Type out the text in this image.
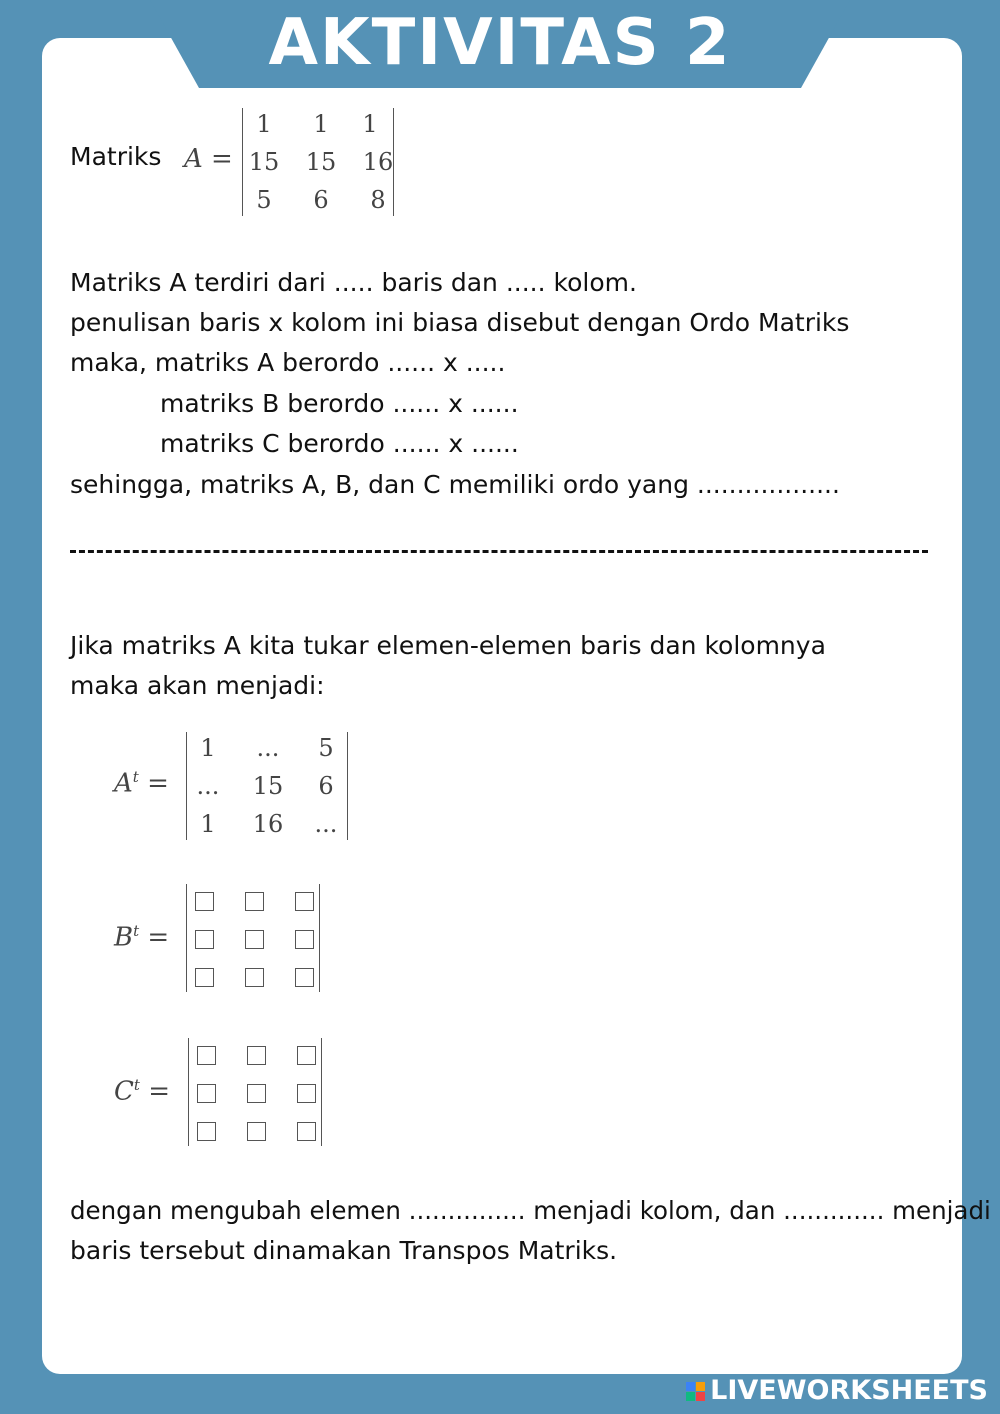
AKTIVITAS 2
Matriks A =
1	1	1
15	15	16
5	6	8
Matriks A terdiri dari ..... baris dan ..... kolom.
penulisan baris x kolom ini biasa disebut dengan Ordo Matriks
maka, matriks A berordo ...... x .....
matriks B berordo ...... x ......
matriks C berordo ...... x ......
sehingga, matriks A, B, dan C memiliki ordo yang ..................
Jika matriks A kita tukar elemen-elemen baris dan kolomnya
maka akan menjadi:
$A^t$ =
1	...	5
...	15	6
1	16	...
$B^t$ =
$C^t$ =
dengan mengubah elemen ............... menjadi kolom, dan ............. menjadi
baris tersebut dinamakan Transpos Matriks.
LIVEWORKSHEETS
